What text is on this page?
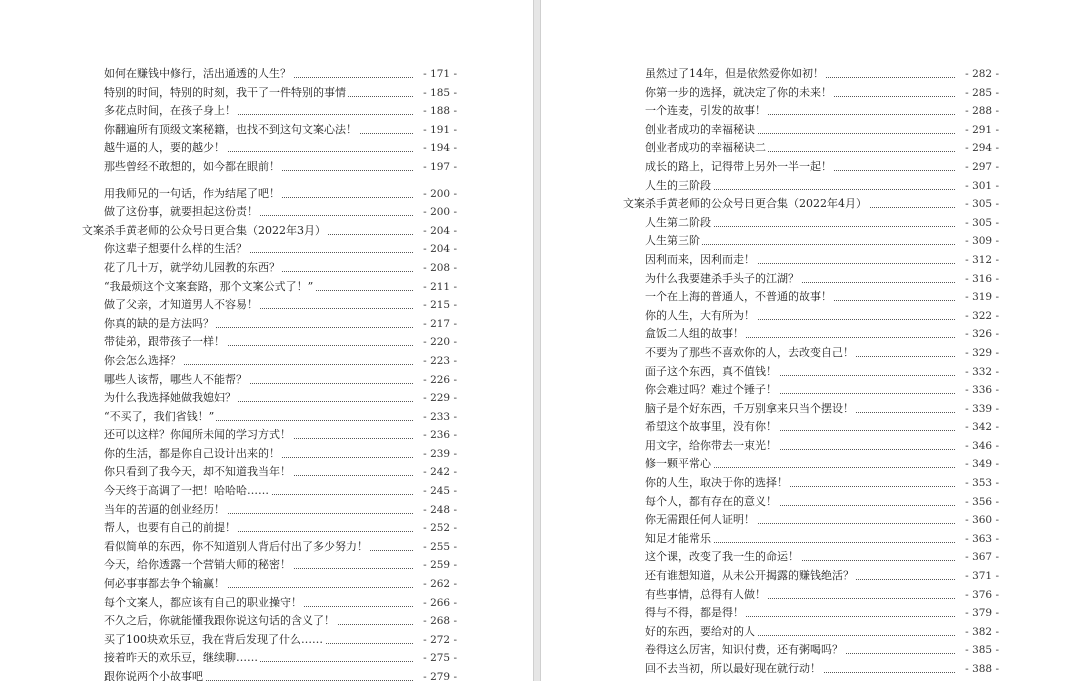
如何在赚钱中修行，活出通透的人生？	- 171 -
特别的时间，特别的时刻，我干了一件特别的事情	- 185 -
多花点时间，在孩子身上！	- 188 -
你翻遍所有顶级文案秘籍，也找不到这句文案心法！	- 191 -
越牛逼的人，要的越少！	- 194 -
那些曾经不敢想的，如今都在眼前！	- 197 -
用我师兄的一句话，作为结尾了吧！	- 200 -
做了这份事，就要担起这份责！	- 200 -
文案杀手黄老师的公众号日更合集（2022年3月）	- 204 -
你这辈子想要什么样的生活？	- 204 -
花了几十万，就学幼儿园教的东西？	- 208 -
“我最烦这个文案套路，那个文案公式了！”	- 211 -
做了父亲，才知道男人不容易！	- 215 -
你真的缺的是方法吗？	- 217 -
带徒弟，跟带孩子一样！	- 220 -
你会怎么选择？	- 223 -
哪些人该帮，哪些人不能帮？	- 226 -
为什么我选择她做我媳妇？	- 229 -
“不买了，我们省钱！”	- 233 -
还可以这样？你闻所未闻的学习方式！	- 236 -
你的生活，都是你自己设计出来的！	- 239 -
你只看到了我今天，却不知道我当年！	- 242 -
今天终于高调了一把！哈哈哈……	- 245 -
当年的苦逼的创业经历！	- 248 -
帮人，也要有自己的前提！	- 252 -
看似简单的东西，你不知道别人背后付出了多少努力！	- 255 -
今天，给你透露一个营销大师的秘密！	- 259 -
何必事事都去争个输赢！	- 262 -
每个文案人，都应该有自己的职业操守！	- 266 -
不久之后，你就能懂我跟你说这句话的含义了！	- 268 -
买了100块欢乐豆，我在背后发现了什么……	- 272 -
接着昨天的欢乐豆，继续聊……	- 275 -
跟你说两个小故事吧	- 279 -
虽然过了14年，但是依然爱你如初！	- 282 -
你第一步的选择，就决定了你的未来！	- 285 -
一个连麦，引发的故事！	- 288 -
创业者成功的幸福秘诀	- 291 -
创业者成功的幸福秘诀二	- 294 -
成长的路上，记得带上另外一半一起！	- 297 -
人生的三阶段	- 301 -
文案杀手黄老师的公众号日更合集（2022年4月）	- 305 -
人生第二阶段	- 305 -
人生第三阶	- 309 -
因利而来，因利而走！	- 312 -
为什么我要建杀手头子的江湖？	- 316 -
一个在上海的普通人，不普通的故事！	- 319 -
你的人生，大有所为！	- 322 -
盒饭二人组的故事！	- 326 -
不要为了那些不喜欢你的人，去改变自己！	- 329 -
面子这个东西，真不值钱！	- 332 -
你会难过吗？难过个锤子！	- 336 -
脑子是个好东西，千万别拿来只当个摆设！	- 339 -
希望这个故事里，没有你！	- 342 -
用文字，给你带去一束光！	- 346 -
修一颗平常心	- 349 -
你的人生，取决于你的选择！	- 353 -
每个人，都有存在的意义！	- 356 -
你无需跟任何人证明！	- 360 -
知足才能常乐	- 363 -
这个课，改变了我一生的命运！	- 367 -
还有谁想知道，从未公开揭露的赚钱绝活？	- 371 -
有些事情，总得有人做！	- 376 -
得与不得，都是得！	- 379 -
好的东西，要给对的人	- 382 -
卷得这么厉害，知识付费，还有粥喝吗？	- 385 -
回不去当初，所以最好现在就行动！	- 388 -
